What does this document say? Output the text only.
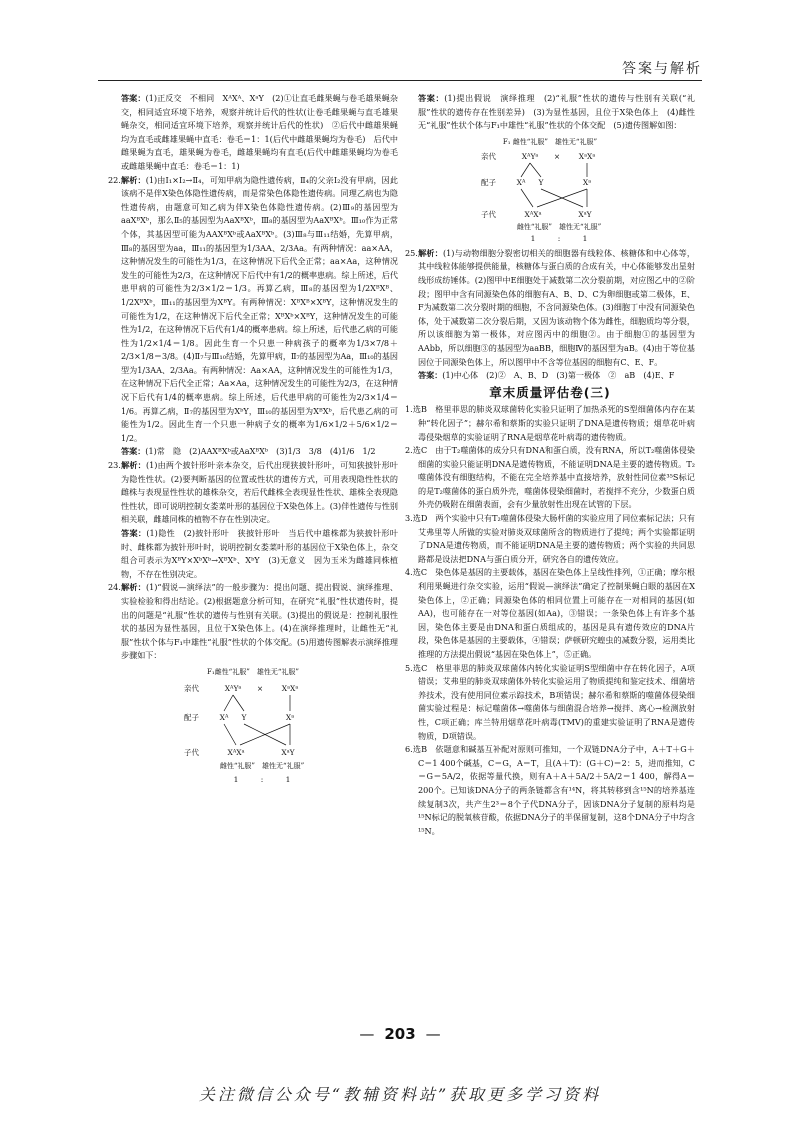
答案与解析

答案：(1)正反交　不相同　XᴬXᴬ、XᵃY　(2)①让直毛雌果蝇与卷毛雄果蝇杂交，相同适宜环境下培养，观察并统计后代的性状(让卷毛雌果蝇与直毛雄果蝇杂交，相同适宜环境下培养，观察并统计后代的性状)　②后代中雌雄果蝇均为直毛或雌雄果蝇中直毛：卷毛＝1：1(后代中雌雄果蝇均为卷毛)　后代中雌果蝇为直毛，雄果蝇为卷毛，雌雄果蝇均有直毛(后代中雌雄果蝇均为卷毛或雌雄果蝇中直毛：卷毛＝1：1)

22.解析：(1)由Ⅰ₁×Ⅰ₂→Ⅱ₄，可知甲病为隐性遗传病，Ⅱ₄的父亲Ⅰ₂没有甲病，因此该病不是伴X染色体隐性遗传病，而是常染色体隐性遗传病。同理乙病也为隐性遗传病，由题意可知乙病为伴X染色体隐性遗传病。(2)Ⅲ₉的基因型为aaXᴮXᵇ，那么Ⅱ₅的基因型为AaXᴮXᵇ，Ⅲ₈的基因型为AaXᴮXᵇ。Ⅲ₁₀作为正常个体，其基因型可能为AAXᴮXᵇ或AaXᴮXᵇ。(3)Ⅲ₈与Ⅲ₁₁结婚，先算甲病，Ⅲ₈的基因型为aa，Ⅲ₁₁的基因型为1/3AA、2/3Aa。有两种情况：aa×AA，这种情况发生的可能性为1/3，在这种情况下后代全正常；aa×Aa，这种情况发生的可能性为2/3，在这种情况下后代中有1/2的概率患病。综上所述，后代患甲病的可能性为2/3×1/2＝1/3。再算乙病，Ⅲ₈的基因型为1/2XᴮXᴮ、1/2XᴮXᵇ，Ⅲ₁₁的基因型为XᴮY。有两种情况：XᴮXᴮ×XᴮY，这种情况发生的可能性为1/2，在这种情况下后代全正常；XᴮXᵇ×XᴮY，这种情况发生的可能性为1/2，在这种情况下后代有1/4的概率患病。综上所述，后代患乙病的可能性为1/2×1/4＝1/8。因此生育一个只患一种病孩子的概率为1/3×7/8＋2/3×1/8＝3/8。(4)Ⅱ₇与Ⅲ₁₀结婚，先算甲病，Ⅱ₇的基因型为Aa，Ⅲ₁₀的基因型为1/3AA、2/3Aa。有两种情况：Aa×AA，这种情况发生的可能性为1/3，在这种情况下后代全正常；Aa×Aa，这种情况发生的可能性为2/3，在这种情况下后代有1/4的概率患病。综上所述，后代患甲病的可能性为2/3×1/4＝1/6。再算乙病，Ⅱ₇的基因型为XᵇY，Ⅲ₁₀的基因型为XᴮXᵇ，后代患乙病的可能性为1/2。因此生育一个只患一种病子女的概率为1/6×1/2＋5/6×1/2＝1/2。

答案：(1)常　隐　(2)AAXᴮXᵇ或AaXᴮXᵇ　(3)1/3　3/8　(4)1/6　1/2

23.解析：(1)由两个披针形叶亲本杂交，后代出现狭披针形叶，可知狭披针形叶为隐性性状。(2)要判断基因的位置或性状的遗传方式，可用表现隐性性状的雌株与表现显性性状的雄株杂交，若后代雌株全表现显性性状、雄株全表现隐性性状，即可说明控制女娄菜叶形的基因位于X染色体上。(3)伴性遗传与性别相关联，雌雄同株的植物不存在性别决定。

答案：(1)隐性　(2)披针形叶　狭披针形叶　当后代中雄株都为狭披针形叶时、雌株都为披针形叶时，说明控制女娄菜叶形的基因位于X染色体上，杂交组合可表示为XᴮY×XᵇXᵇ→XᴮXᵇ、XᵇY　(3)无意义　因为玉米为雌雄同株植物，不存在性别决定。

24.解析：(1)“假说—演绎法”的一般步骤为：提出问题、提出假说、演绎推理、实验检验和得出结论。(2)根据题意分析可知，在研究“礼服”性状遗传时，提出的问题是“礼服”性状的遗传与性别有关联。(3)提出的假说是：控制礼服性状的基因为显性基因，且位于X染色体上。(4)在演绎推理时，让雌性无“礼服”性状个体与F₁中雄性“礼服”性状的个体交配。(5)用遗传图解表示演绎推理步骤如下：

F₁雌性“礼服”　雄性无“礼服”
亲代	XᴬYᵃ × XᵃXᵃ
配子	Xᴬ Y	Xᵃ
子代	XᴬXᵃ	XᵃY
雌性“礼服”　雄性无“礼服”
1	:	1

答案：(1)提出假说　演绎推理　(2)“礼服”性状的遗传与性别有关联(“礼服”性状的遗传存在性别差异)　(3)为显性基因，且位于X染色体上　(4)雌性无“礼服”性状个体与F₁中雄性“礼服”性状的个体交配　(5)遗传图解如图：

F₁ 雌性“礼服”　雄性无“礼服”
亲代	XᴬYᵃ × XᵃXᵃ
配子	Xᴬ Y	Xᵃ
子代	XᴬXᵃ	XᵃY
雌性“礼服”　雄性无“礼服”
1	:	1

25.解析：(1)与动物细胞分裂密切相关的细胞器有线粒体、核糖体和中心体等，其中线粒体能够提供能量，核糖体与蛋白质的合成有关，中心体能够发出星射线形成纺锤体。(2)图甲中E细胞处于减数第二次分裂前期，对应图乙中的②阶段；图甲中含有同源染色体的细胞有A、B、D、C为卵细胞或第二极体，E、F为减数第二次分裂时期的细胞，不含同源染色体。(3)细胞丁中没有同源染色体，处于减数第二次分裂后期，又因为该动物个体为雌性，细胞质均等分裂，所以该细胞为第一极体，对应图丙中的细胞②。由于细胞①的基因型为AAbb，所以细胞③的基因型为aaBB，细胞Ⅳ的基因型为aB。(4)由于等位基因位于同源染色体上，所以图甲中不含等位基因的细胞有C、E、F。

答案：(1)中心体　(2)②　A、B、D　(3)第一极体　②　aB　(4)E、F

章末质量评估卷(三)

1.选B　格里菲思的肺炎双球菌转化实验只证明了加热杀死的S型细菌体内存在某种“转化因子”；赫尔希和蔡斯的实验只证明了DNA是遗传物质；烟草花叶病毒侵染烟草的实验证明了RNA是烟草花叶病毒的遗传物质。

2.选C　由于T₂噬菌体的成分只有DNA和蛋白质，没有RNA，所以T₂噬菌体侵染细菌的实验只能证明DNA是遗传物质，不能证明DNA是主要的遗传物质。T₂噬菌体没有细胞结构，不能在完全培养基中直接培养，放射性同位素³⁵S标记的是T₂噬菌体的蛋白质外壳，噬菌体侵染细菌时，若搅拌不充分，少数蛋白质外壳仍吸附在细菌表面，会有少量放射性出现在试管的下层。

3.选D　两个实验中只有T₂噬菌体侵染大肠杆菌的实验应用了同位素标记法；只有艾弗里等人所做的实验对肺炎双球菌所含的物质进行了提纯；两个实验都证明了DNA是遗传物质，而不能证明DNA是主要的遗传物质；两个实验的共同思路都是设法把DNA与蛋白质分开，研究各自的遗传效应。

4.选C　染色体是基因的主要载体，基因在染色体上呈线性排列，①正确；摩尔根利用果蝇进行杂交实验，运用“假说—演绎法”确定了控制果蝇白眼的基因在X染色体上，②正确；同源染色体的相同位置上可能存在一对相同的基因(如AA)，也可能存在一对等位基因(如Aa)，③错误；一条染色体上有许多个基因，染色体主要是由DNA和蛋白质组成的，基因是具有遗传效应的DNA片段，染色体是基因的主要载体，④错误；萨顿研究蝗虫的减数分裂，运用类比推理的方法提出假说“基因在染色体上”，⑤正确。

5.选C　格里菲思的肺炎双球菌体内转化实验证明S型细菌中存在转化因子，A项错误；艾弗里的肺炎双球菌体外转化实验运用了物质提纯和鉴定技术、细菌培养技术，没有使用同位素示踪技术，B项错误；赫尔希和蔡斯的噬菌体侵染细菌实验过程是：标记噬菌体→噬菌体与细菌混合培养→搅拌、离心→检测放射性，C项正确；库兰特用烟草花叶病毒(TMV)的重建实验证明了RNA是遗传物质，D项错误。

6.选B　依题意和碱基互补配对原则可推知，一个双链DNA分子中，A＋T＋G＋C＝1 400个碱基，C＝G，A＝T，且(A＋T)：(G＋C)＝2：5，进而推知，C＝G＝5A/2，依据等量代换，则有A＋A＋5A/2＋5A/2＝1 400，解得A＝200个。已知该DNA分子的两条链都含有¹⁴N，将其转移到含¹⁵N的培养基连续复制3次，共产生2³＝8个子代DNA分子，因该DNA分子复制的原料均是¹⁵N标记的脱氧核苷酸，依据DNA分子的半保留复制，这8个DNA分子中均含¹⁵N。

— 203 —
关注微信公众号“教辅资料站”获取更多学习资料
